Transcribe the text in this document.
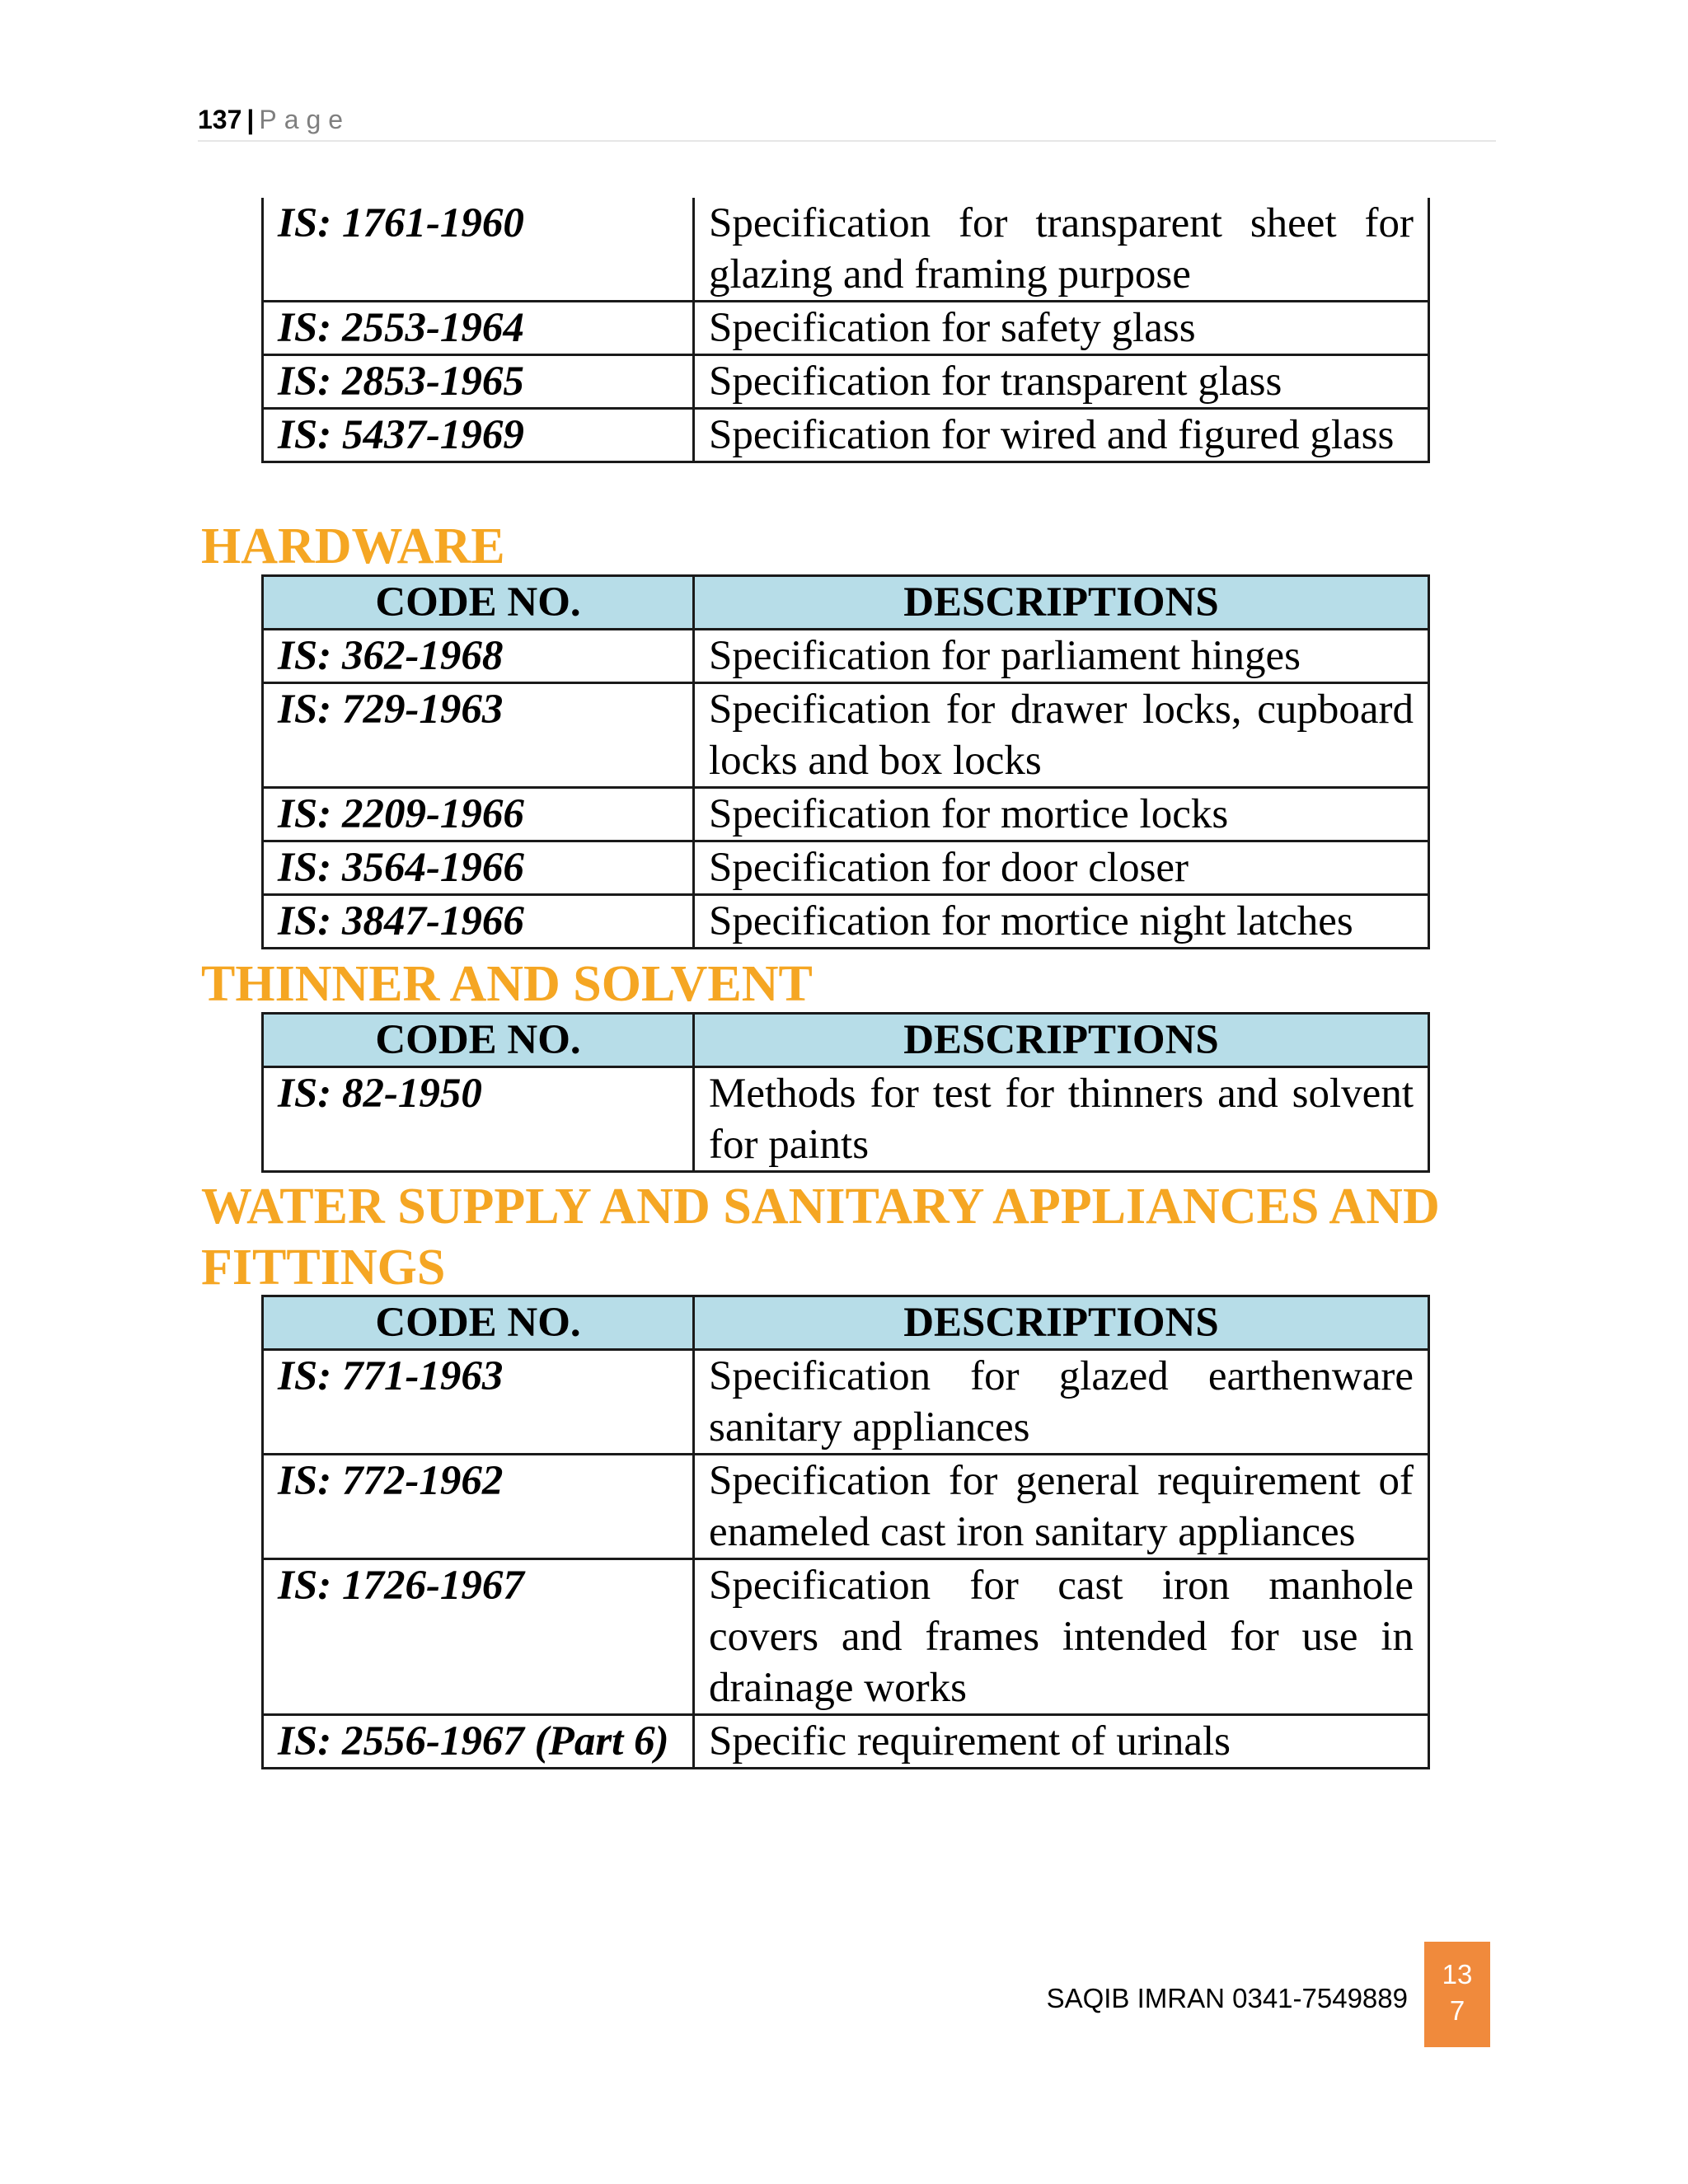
137 | Page
IS: 1761-1960	Specification for transparent sheet for glazing and framing purpose
IS: 2553-1964	Specification for safety glass
IS: 2853-1965	Specification for transparent glass
IS: 5437-1969	Specification for wired and figured glass
HARDWARE
CODE NO.	DESCRIPTIONS
IS: 362-1968	Specification for parliament hinges
IS: 729-1963	Specification for drawer locks, cupboard locks and box locks
IS: 2209-1966	Specification for mortice locks
IS: 3564-1966	Specification for door closer
IS: 3847-1966	Specification for mortice night latches
THINNER AND SOLVENT
CODE NO.	DESCRIPTIONS
IS: 82-1950	Methods for test for thinners and solvent for paints
WATER SUPPLY AND SANITARY APPLIANCES AND FITTINGS
CODE NO.	DESCRIPTIONS
IS: 771-1963	Specification for glazed earthenware sanitary appliances
IS: 772-1962	Specification for general requirement of enameled cast iron sanitary appliances
IS: 1726-1967	Specification for cast iron manhole covers and frames intended for use in drainage works
IS: 2556-1967 (Part 6)	Specific requirement of urinals
SAQIB IMRAN 0341-7549889
13
7
